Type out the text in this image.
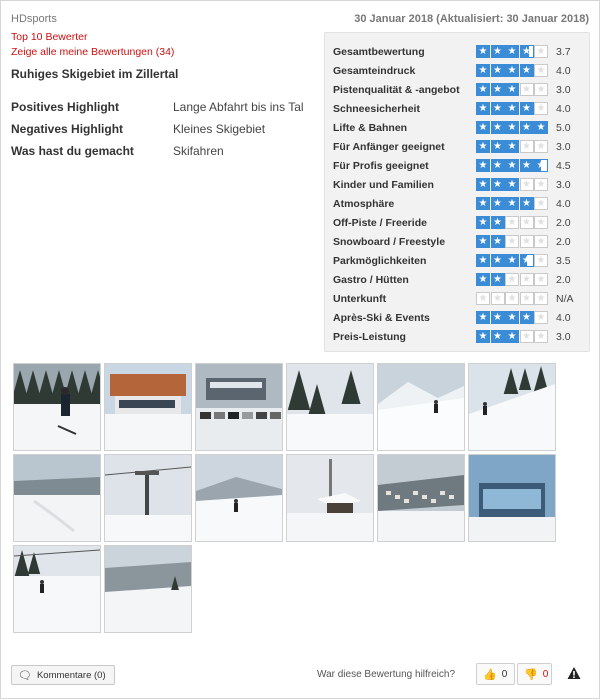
HDsports	30 Januar 2018 (Aktualisiert: 30 Januar 2018)
Top 10 Bewerter
Zeige alle meine Bewertungen (34)
Ruhiges Skigebiet im Zillertal
Positives Highlight	Lange Abfahrt bis ins Tal
Negatives Highlight	Kleines Skigebiet
Was hast du gemacht	Skifahren
Gesamtbewertung	★ ★ ★ ★ ★ 3.7
Gesamteindruck	★ ★ ★ ★ ★ 4.0
Pistenqualität & -angebot	★ ★ ★ ★ ★ 3.0
Schneesicherheit	★ ★ ★ ★ ★ 4.0
Lifte & Bahnen	★ ★ ★ ★ ★ 5.0
Für Anfänger geeignet	★ ★ ★ ★ ★ 3.0
Für Profis geeignet	★ ★ ★ ★ ★ 4.5
Kinder und Familien	★ ★ ★ ★ ★ 3.0
Atmosphäre	★ ★ ★ ★ ★ 4.0
Off-Piste / Freeride	★ ★ ★ ★ ★ 2.0
Snowboard / Freestyle	★ ★ ★ ★ ★ 2.0
Parkmöglichkeiten	★ ★ ★ ★ ★ 3.5
Gastro / Hütten	★ ★ ★ ★ ★ 2.0
Unterkunft	★ ★ ★ ★ ★ N/A
Après-Ski & Events	★ ★ ★ ★ ★ 4.0
Preis-Leistung	★ ★ ★ ★ ★ 3.0
🗨 Kommentare (0)	War diese Bewertung hilfreich?	👍 0 👎 0
